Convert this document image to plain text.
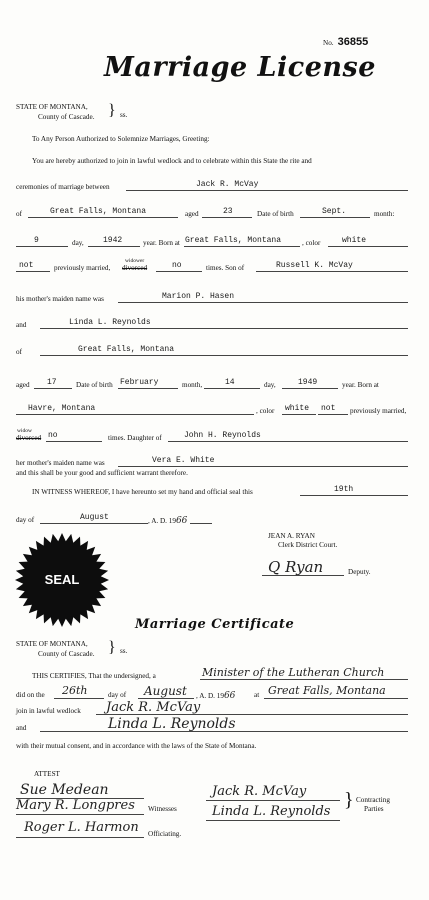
No. 36855
Marriage License
STATE OF MONTANA,
County of Cascade. } ss.
To Any Person Authorized to Solemnize Marriages, Greeting:
You are hereby authorized to join in lawful wedlock and to celebrate within this State the rite and
ceremonies of marriage between	Jack R. McVay
of	Great Falls, Montana	aged	23	Date of birth	Sept.	month:
9	day, 1942	year. Born at Great Falls, Montana	, color	white
not	previously married,
widower
divorced	no	times. Son of	Russell K. McVay
his mother's maiden name was	Marion P. Hasen
and	Linda L. Reynolds
of	Great Falls, Montana
aged 17	Date of birth February	month,	14	day,	1949	year. Born at
Havre, Montana	, color white not previously married,
widow
divorced no	times. Daughter of	John H. Reynolds
her mother's maiden name was	Vera E. White
and this shall be your good and sufficient warrant therefore.
IN WITNESS WHEREOF, I have hereunto set my hand and official seal this	19th
day of	August	, A. D. 1966
JEAN A. RYAN
Clerk District Court.
SEAL
Q Ryan	Deputy.
Marriage Certificate
STATE OF MONTANA,
County of Cascade. } ss.
THIS CERTIFIES, That the undersigned, a	Minister of the Lutheran Church
did on the 26th	day of August , A. D. 1966	at Great Falls, Montana
join in lawful wedlock Jack R. McVay
and	Linda L. Reynolds
with their mutual consent, and in accordance with the laws of the State of Montana.
ATTEST
Sue Medean
Mary R. Longpres Witnesses
Roger L. Harmon Officiating.
Jack R. McVay
Linda L. Reynolds
} Contracting
Parties
